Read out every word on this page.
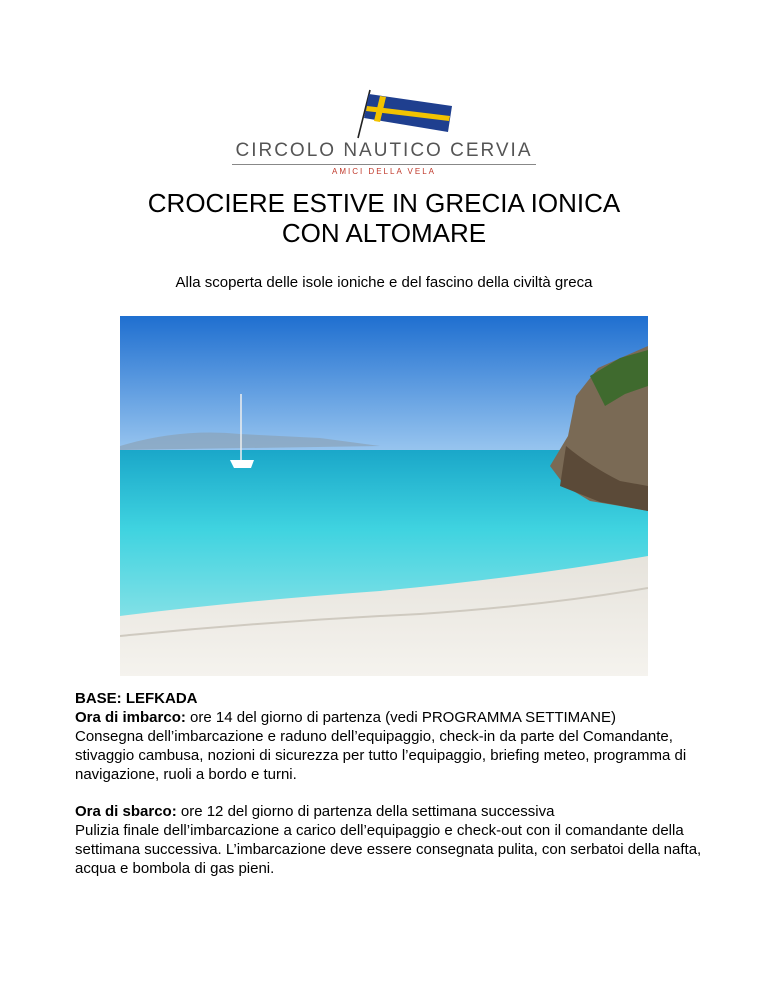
CIRCOLO NAUTICO CERVIA
AMICI DELLA VELA
CROCIERE ESTIVE IN GRECIA IONICA
CON ALTOMARE
Alla scoperta delle isole ioniche e del fascino della civiltà greca

BASE: LEFKADA

Ora di imbarco: ore 14 del giorno di partenza (vedi PROGRAMMA SETTIMANE)

Consegna dell’imbarcazione e raduno dell’equipaggio, check-in da parte del Comandante, stivaggio cambusa, nozioni di sicurezza per tutto l’equipaggio, briefing meteo, programma di navigazione, ruoli a bordo e turni.

Ora di sbarco: ore 12 del giorno di partenza della settimana successiva

Pulizia finale dell’imbarcazione a carico dell’equipaggio e check-out con il comandante della settimana successiva. L’imbarcazione deve essere consegnata pulita, con serbatoi della nafta, acqua e bombola di gas pieni.
